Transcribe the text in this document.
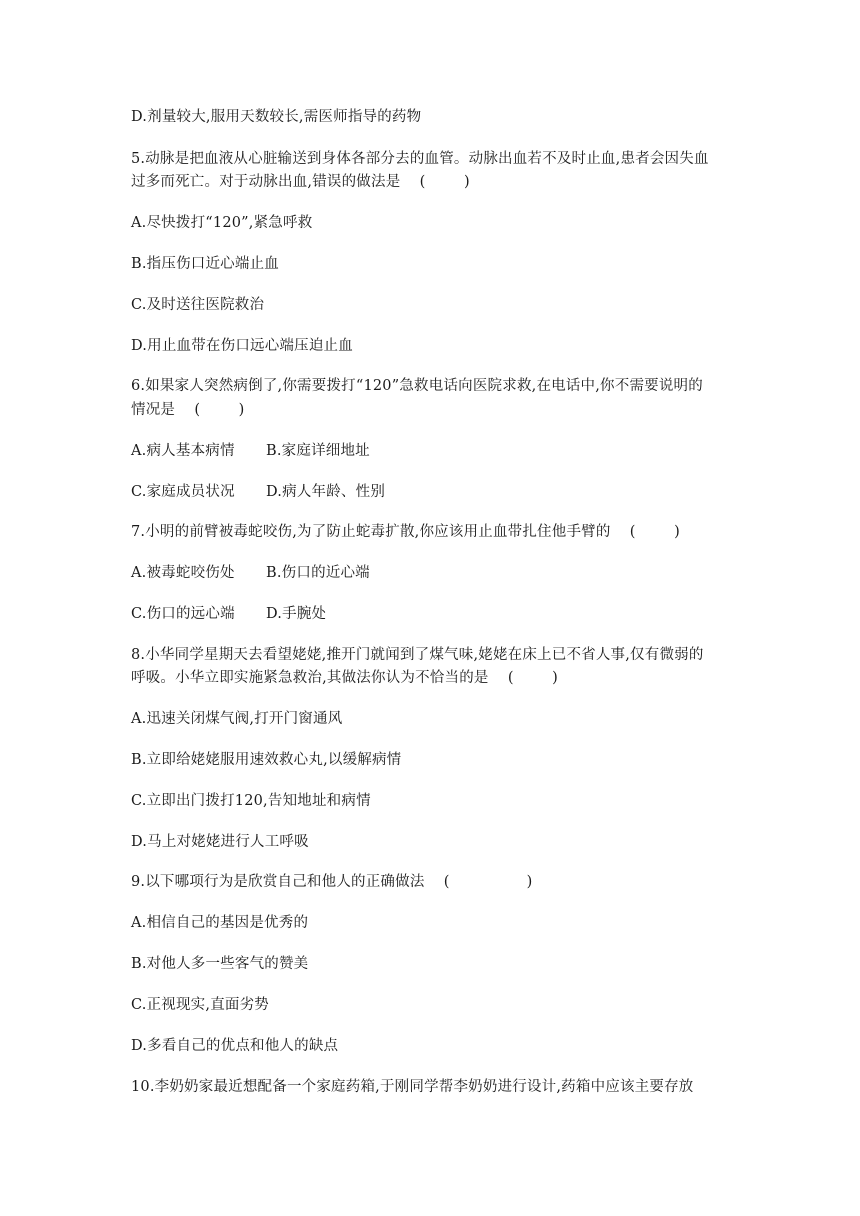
D.剂量较大,服用天数较长,需医师指导的药物

5.动脉是把血液从心脏输送到身体各部分去的血管。动脉出血若不及时止血,患者会因失血

过多而死亡。对于动脉出血,错误的做法是    (        )

A.尽快拨打“120”,紧急呼救

B.指压伤口近心端止血

C.及时送往医院救治

D.用止血带在伤口远心端压迫止血

6.如果家人突然病倒了,你需要拨打“120”急救电话向医院求救,在电话中,你不需要说明的

情况是    (        )

A.病人基本病情 B.家庭详细地址

C.家庭成员状况 D.病人年龄、性别

7.小明的前臂被毒蛇咬伤,为了防止蛇毒扩散,你应该用止血带扎住他手臂的    (        )

A.被毒蛇咬伤处 B.伤口的近心端

C.伤口的远心端 D.手腕处

8.小华同学星期天去看望姥姥,推开门就闻到了煤气味,姥姥在床上已不省人事,仅有微弱的

呼吸。小华立即实施紧急救治,其做法你认为不恰当的是    (        )

A.迅速关闭煤气阀,打开门窗通风

B.立即给姥姥服用速效救心丸,以缓解病情

C.立即出门拨打120,告知地址和病情

D.马上对姥姥进行人工呼吸

9.以下哪项行为是欣赏自己和他人的正确做法    (                )

A.相信自己的基因是优秀的

B.对他人多一些客气的赞美

C.正视现实,直面劣势

D.多看自己的优点和他人的缺点

10.李奶奶家最近想配备一个家庭药箱,于刚同学帮李奶奶进行设计,药箱中应该主要存放
